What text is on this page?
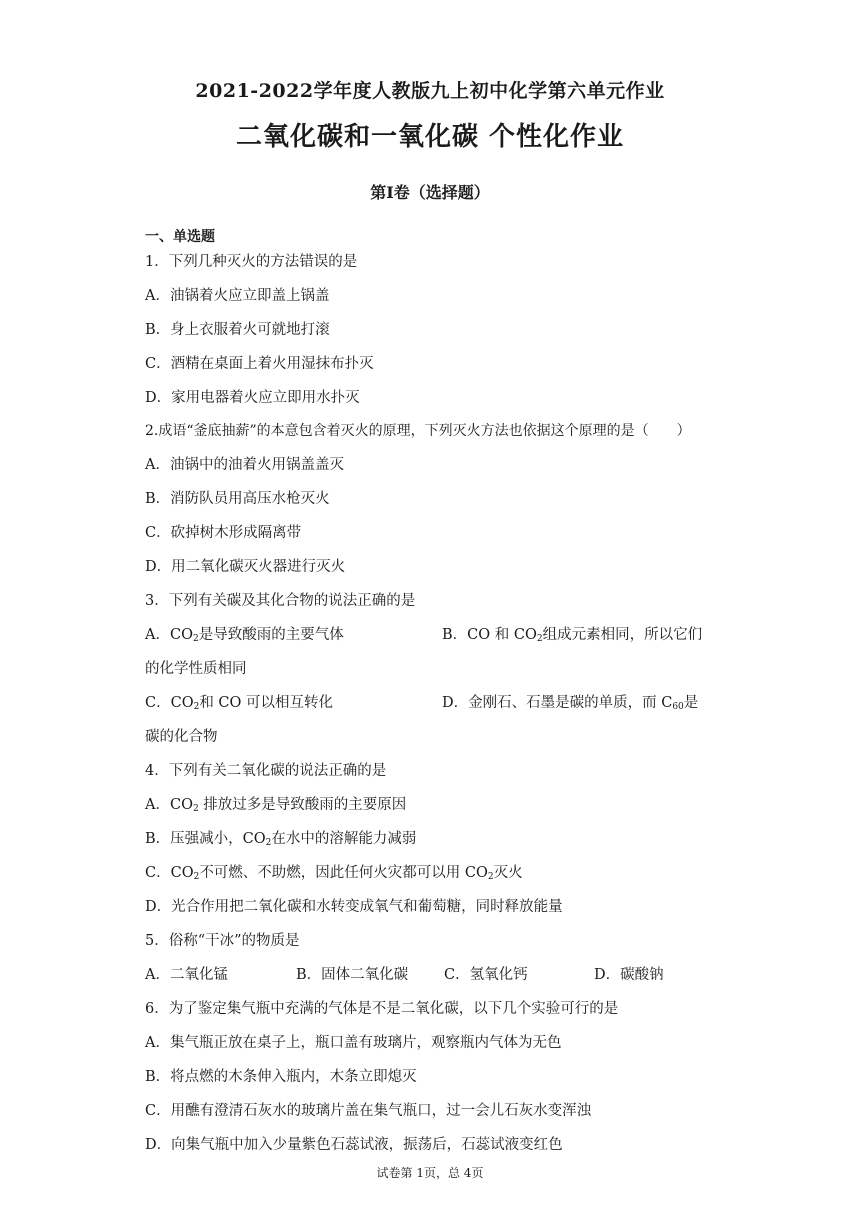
2021-2022学年度人教版九上初中化学第六单元作业
二氧化碳和一氧化碳 个性化作业
第Ⅰ卷（选择题）
一、单选题
1．下列几种灭火的方法错误的是
A．油锅着火应立即盖上锅盖
B．身上衣服着火可就地打滚
C．酒精在桌面上着火用湿抹布扑灭
D．家用电器着火应立即用水扑灭
2.成语“釜底抽薪”的本意包含着灭火的原理，下列灭火方法也依据这个原理的是（　　）
A．油锅中的油着火用锅盖盖灭
B．消防队员用高压水枪灭火
C．砍掉树木形成隔离带
D．用二氧化碳灭火器进行灭火
3．下列有关碳及其化合物的说法正确的是
A．$CO_2$是导致酸雨的主要气体	B．CO 和 $CO_2$组成元素相同，所以它们
的化学性质相同
C．$CO_2$和 CO 可以相互转化	D．金刚石、石墨是碳的单质，而 $C_{60}$是
碳的化合物
4．下列有关二氧化碳的说法正确的是
A．$CO_2$ 排放过多是导致酸雨的主要原因
B．压强减小，$CO_2$在水中的溶解能力减弱
C．$CO_2$不可燃、不助燃，因此任何火灾都可以用 $CO_2$灭火
D．光合作用把二氧化碳和水转变成氧气和葡萄糖，同时释放能量
5．俗称“干冰”的物质是
A．二氧化锰	B．固体二氧化碳 C．氢氧化钙	D．碳酸钠
6．为了鉴定集气瓶中充满的气体是不是二氧化碳，以下几个实验可行的是
A．集气瓶正放在桌子上，瓶口盖有玻璃片，观察瓶内气体为无色
B．将点燃的木条伸入瓶内，木条立即熄灭
C．用醮有澄清石灰水的玻璃片盖在集气瓶口，过一会儿石灰水变浑浊
D．向集气瓶中加入少量紫色石蕊试液，振荡后，石蕊试液变红色
试卷第 1页，总 4页
